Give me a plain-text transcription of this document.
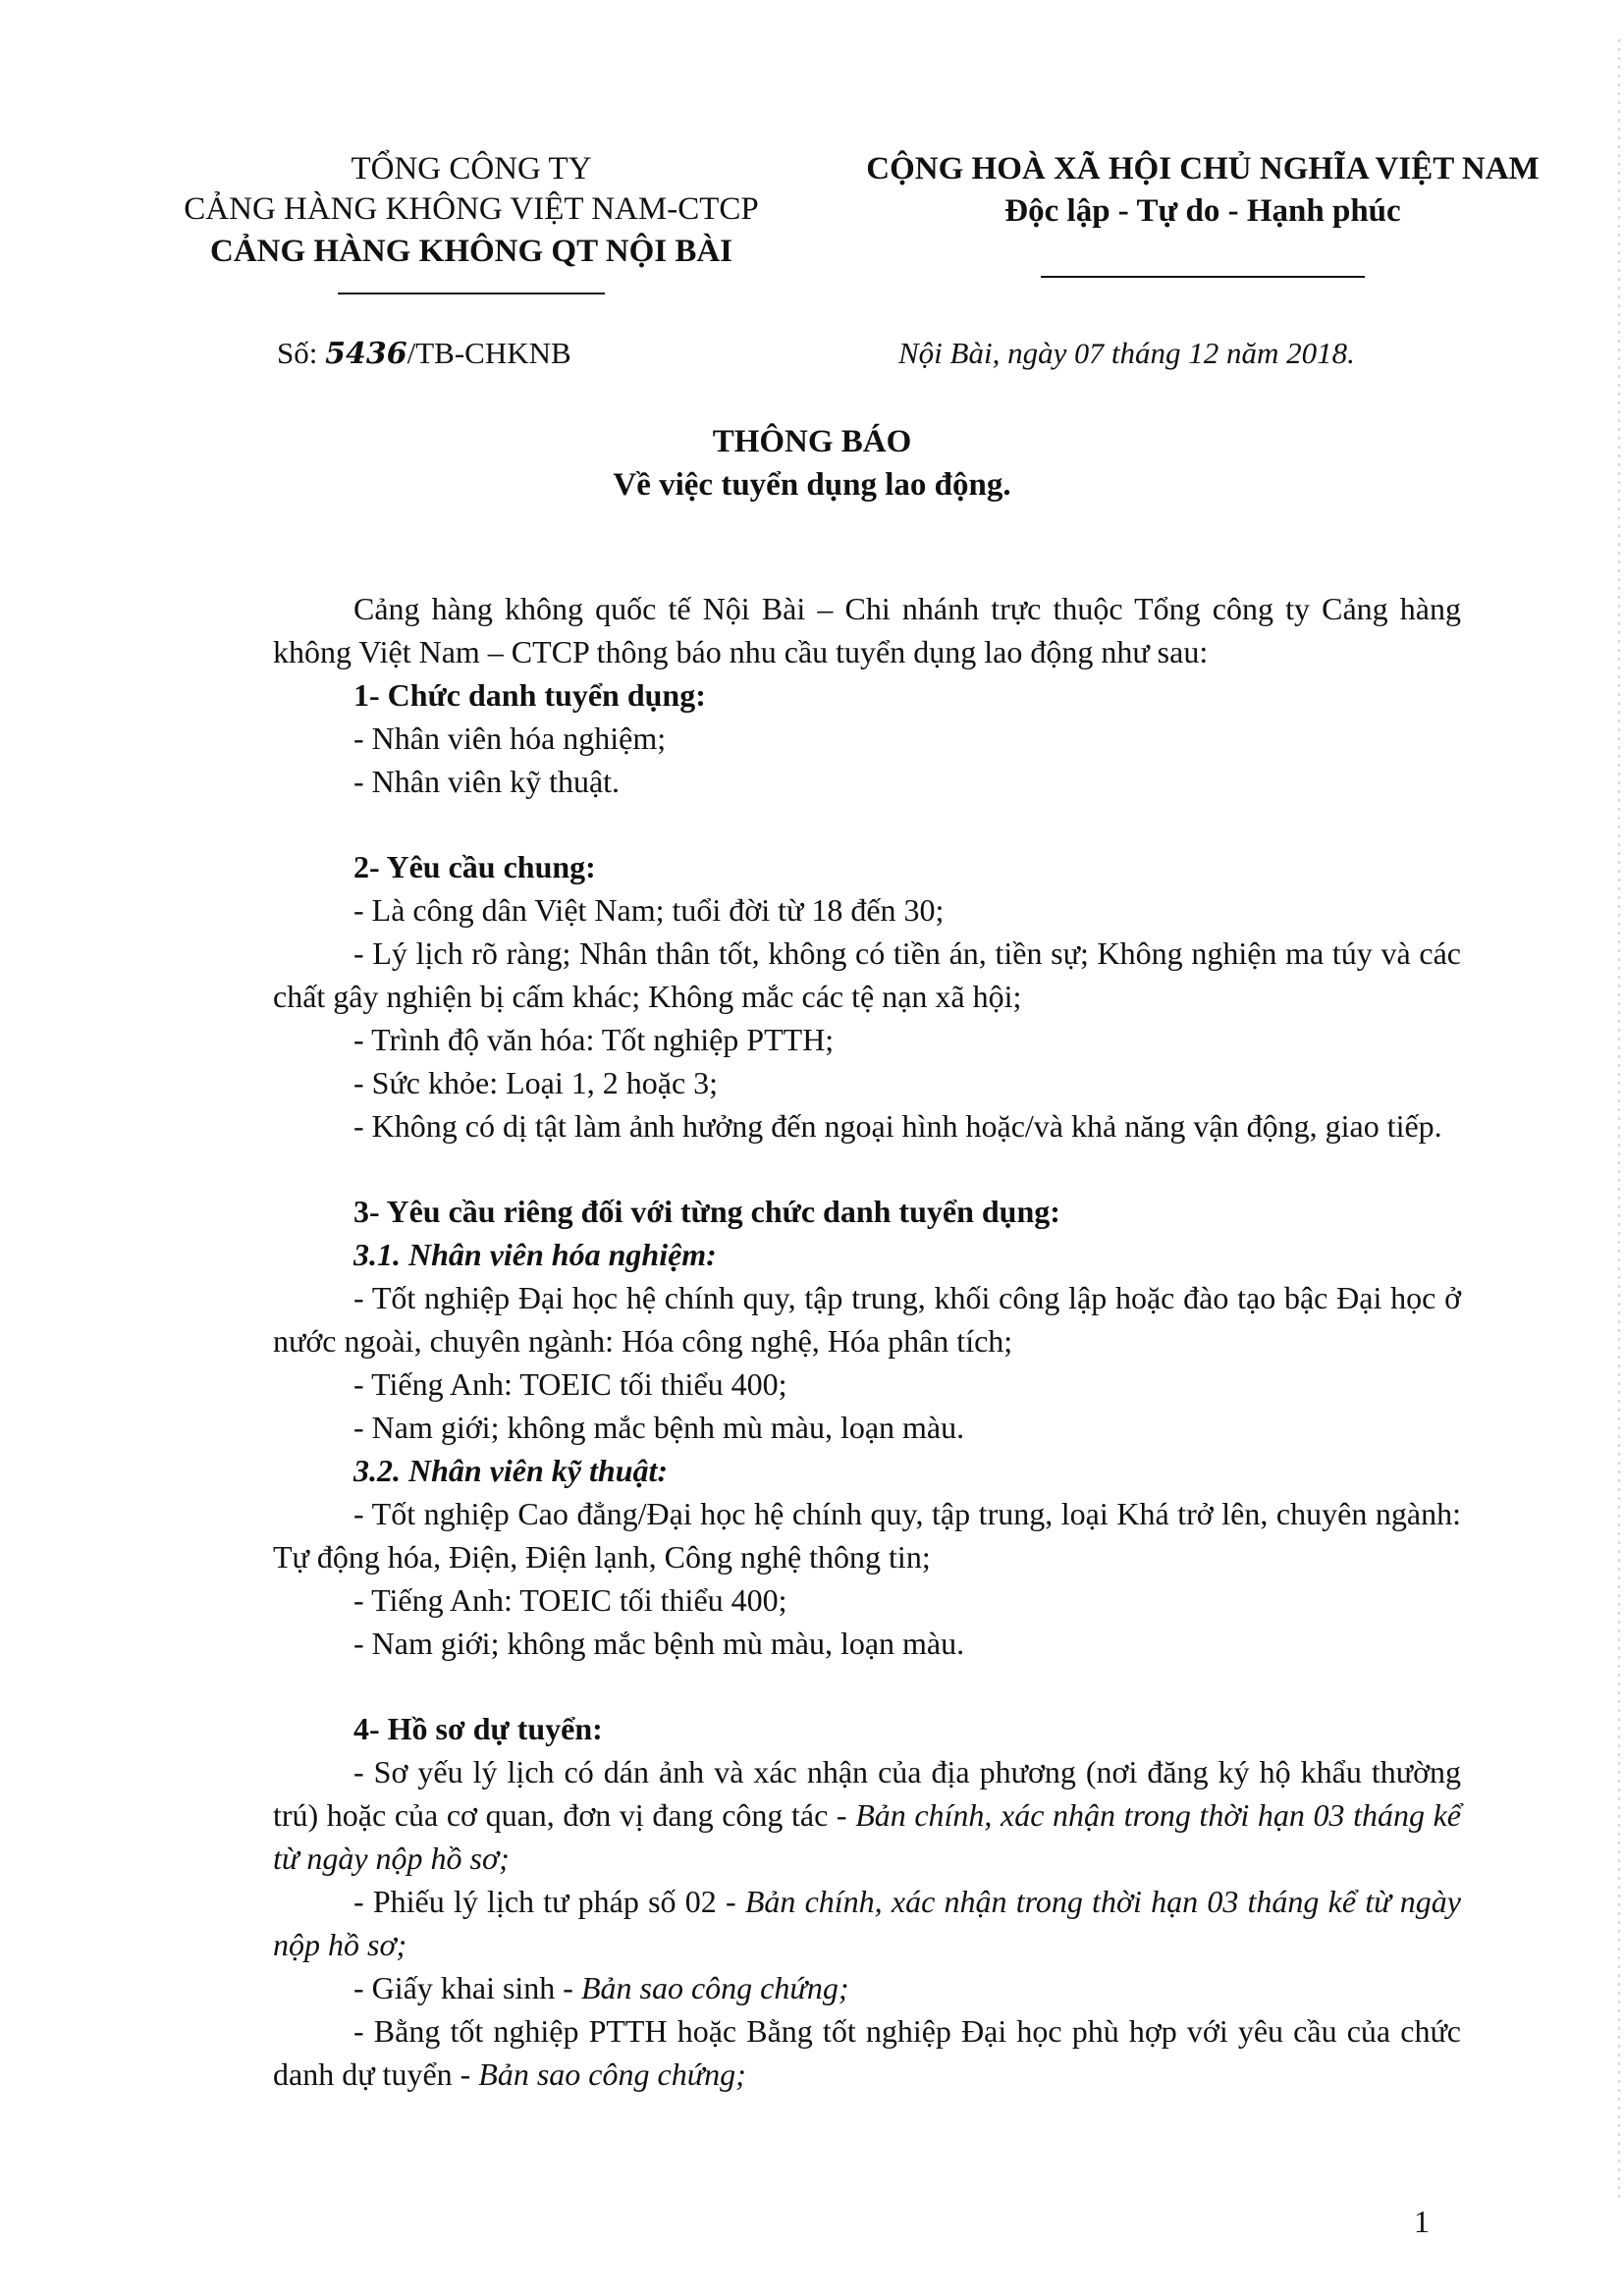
TỔNG CÔNG TY
CẢNG HÀNG KHÔNG VIỆT NAM-CTCP
CẢNG HÀNG KHÔNG QT NỘI BÀI
CỘNG HOÀ XÃ HỘI CHỦ NGHĨA VIỆT NAM
Độc lập - Tự do - Hạnh phúc
Số: 5436/TB-CHKNB	Nội Bài, ngày 07 tháng 12 năm 2018.
THÔNG BÁO
Về việc tuyển dụng lao động.

Cảng hàng không quốc tế Nội Bài – Chi nhánh trực thuộc Tổng công ty Cảng hàng không Việt Nam – CTCP thông báo nhu cầu tuyển dụng lao động như sau:

1- Chức danh tuyển dụng:

- Nhân viên hóa nghiệm;

- Nhân viên kỹ thuật.

2- Yêu cầu chung:

- Là công dân Việt Nam; tuổi đời từ 18 đến 30;

- Lý lịch rõ ràng; Nhân thân tốt, không có tiền án, tiền sự; Không nghiện ma túy và các chất gây nghiện bị cấm khác; Không mắc các tệ nạn xã hội;

- Trình độ văn hóa: Tốt nghiệp PTTH;

- Sức khỏe: Loại 1, 2 hoặc 3;

- Không có dị tật làm ảnh hưởng đến ngoại hình hoặc/và khả năng vận động, giao tiếp.

3- Yêu cầu riêng đối với từng chức danh tuyển dụng:

3.1. Nhân viên hóa nghiệm:

- Tốt nghiệp Đại học hệ chính quy, tập trung, khối công lập hoặc đào tạo bậc Đại học ở nước ngoài, chuyên ngành: Hóa công nghệ, Hóa phân tích;

- Tiếng Anh: TOEIC tối thiểu 400;

- Nam giới; không mắc bệnh mù màu, loạn màu.

3.2. Nhân viên kỹ thuật:

- Tốt nghiệp Cao đẳng/Đại học hệ chính quy, tập trung, loại Khá trở lên, chuyên ngành: Tự động hóa, Điện, Điện lạnh, Công nghệ thông tin;

- Tiếng Anh: TOEIC tối thiểu 400;

- Nam giới; không mắc bệnh mù màu, loạn màu.

4- Hồ sơ dự tuyển:

- Sơ yếu lý lịch có dán ảnh và xác nhận của địa phương (nơi đăng ký hộ khẩu thường trú) hoặc của cơ quan, đơn vị đang công tác - Bản chính, xác nhận trong thời hạn 03 tháng kể từ ngày nộp hồ sơ;

- Phiếu lý lịch tư pháp số 02 - Bản chính, xác nhận trong thời hạn 03 tháng kể từ ngày nộp hồ sơ;

- Giấy khai sinh - Bản sao công chứng;

- Bằng tốt nghiệp PTTH hoặc Bằng tốt nghiệp Đại học phù hợp với yêu cầu của chức danh dự tuyển - Bản sao công chứng;

1
